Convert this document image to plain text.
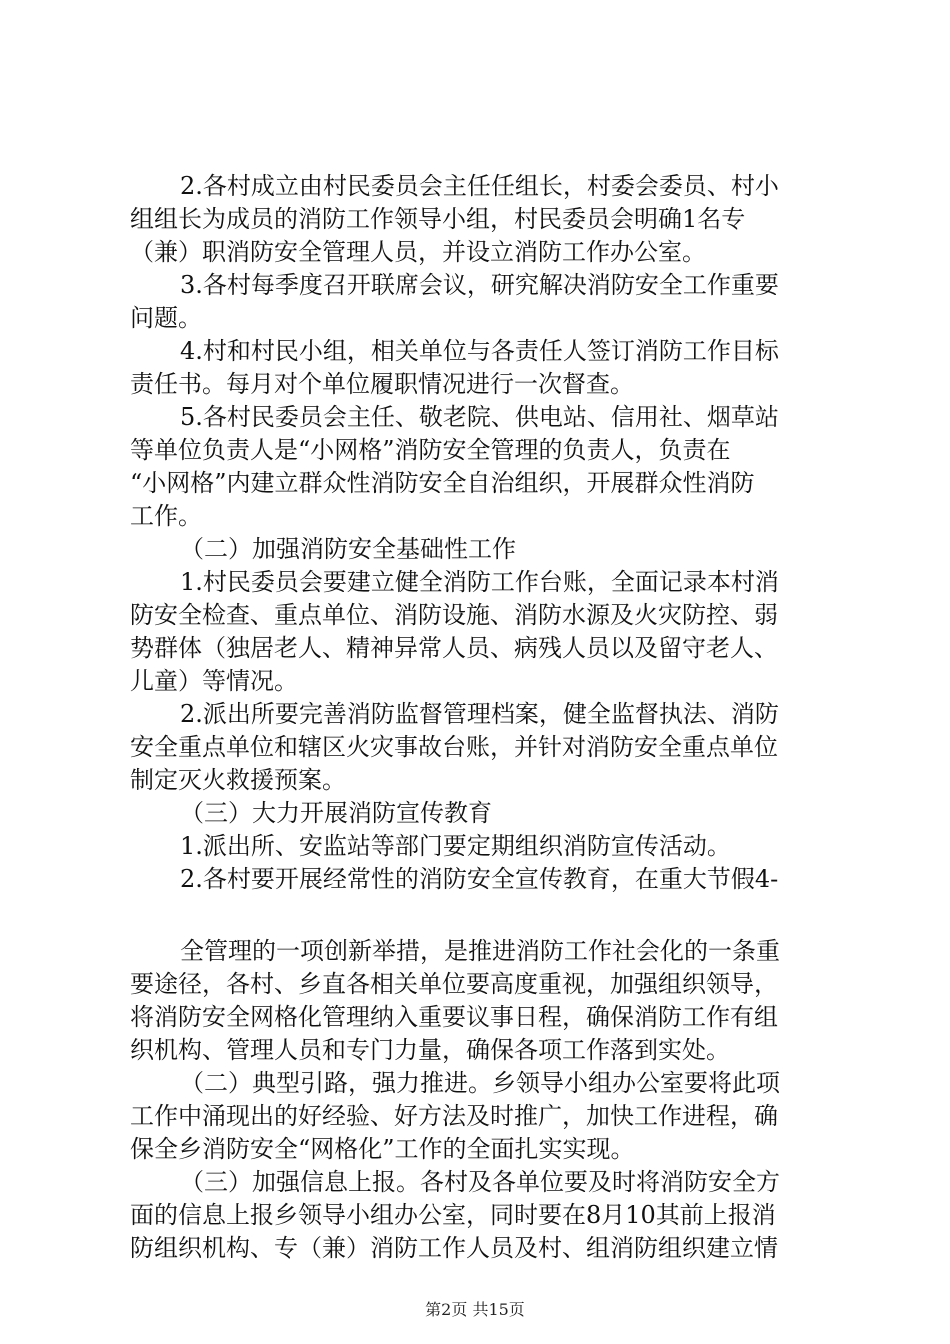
2.各村成立由村民委员会主任任组长，村委会委员、村小
组组长为成员的消防工作领导小组，村民委员会明确1名专
（兼）职消防安全管理人员，并设立消防工作办公室。
3.各村每季度召开联席会议，研究解决消防安全工作重要
问题。
4.村和村民小组，相关单位与各责任人签订消防工作目标
责任书。每月对个单位履职情况进行一次督查。
5.各村民委员会主任、敬老院、供电站、信用社、烟草站
等单位负责人是“小网格”消防安全管理的负责人，负责在
“小网格”内建立群众性消防安全自治组织，开展群众性消防
工作。
（二）加强消防安全基础性工作
1.村民委员会要建立健全消防工作台账，全面记录本村消
防安全检查、重点单位、消防设施、消防水源及火灾防控、弱
势群体（独居老人、精神异常人员、病残人员以及留守老人、
儿童）等情况。
2.派出所要完善消防监督管理档案，健全监督执法、消防
安全重点单位和辖区火灾事故台账，并针对消防安全重点单位
制定灭火救援预案。
（三）大力开展消防宣传教育
1.派出所、安监站等部门要定期组织消防宣传活动。
2.各村要开展经常性的消防安全宣传教育，在重大节假4-
全管理的一项创新举措，是推进消防工作社会化的一条重
要途径，各村、乡直各相关单位要高度重视，加强组织领导，
将消防安全网格化管理纳入重要议事日程，确保消防工作有组
织机构、管理人员和专门力量，确保各项工作落到实处。
（二）典型引路，强力推进。乡领导小组办公室要将此项
工作中涌现出的好经验、好方法及时推广，加快工作进程，确
保全乡消防安全“网格化”工作的全面扎实实现。
（三）加强信息上报。各村及各单位要及时将消防安全方
面的信息上报乡领导小组办公室，同时要在8月10其前上报消
防组织机构、专（兼）消防工作人员及村、组消防组织建立情
第2页 共15页
